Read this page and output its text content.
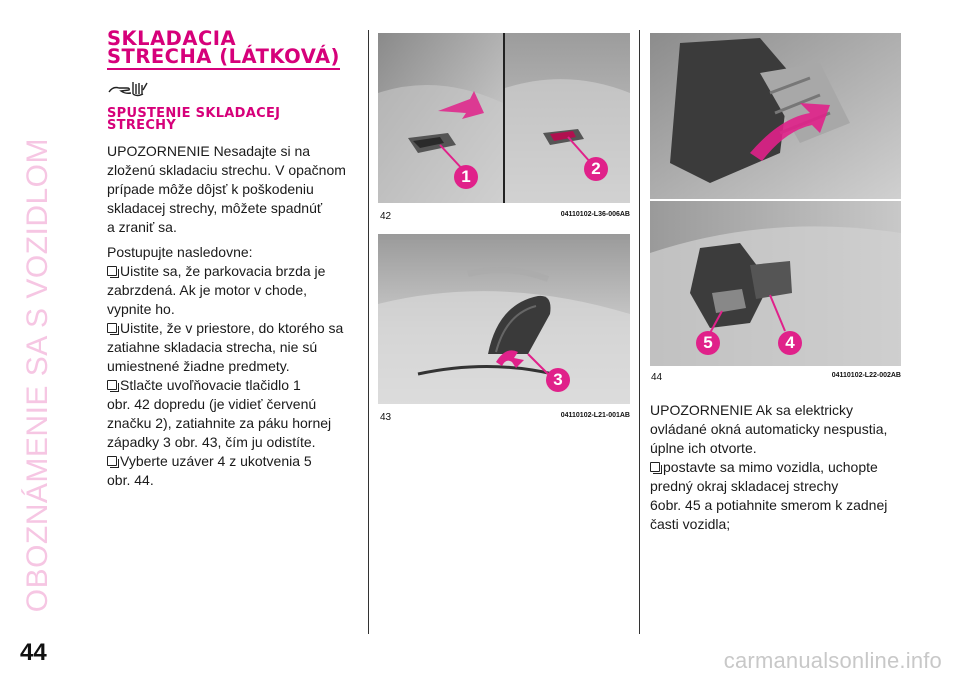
OBOZNÁMENIE SA S VOZIDLOM
44
SKLADACIA
STRECHA (LÁTKOVÁ)
SPUSTENIE SKLADACEJ
STRECHY
UPOZORNENIE Nesadajte si na
zloženú skladaciu strechu. V opačnom
prípade môže dôjsť k poškodeniu
skladacej strechy, môžete spadnúť
a zraniť sa.
Postupujte nasledovne:
Uistite sa, že parkovacia brzda je
zabrzdená. Ak je motor v chode,
vypnite ho.
Uistite, že v priestore, do ktorého sa
zatiahne skladacia strecha, nie sú
umiestnené žiadne predmety.
Stlačte uvoľňovacie tlačidlo 1
obr. 42 dopredu (je vidieť červenú
značku 2), zatiahnite za páku hornej
západky 3 obr. 43, čím ju odistíte.
Vyberte uzáver 4 z ukotvenia 5
obr. 44.
1	2
42	04110102-L36-006AB
3
43	04110102-L21-001AB
5	4
44	04110102-L22-002AB
UPOZORNENIE Ak sa elektricky
ovládané okná automaticky nespustia,
úplne ich otvorte.
postavte sa mimo vozidla, uchopte
predný okraj skladacej strechy
6obr. 45 a potiahnite smerom k zadnej
časti vozidla;
carmanualsonline.info
